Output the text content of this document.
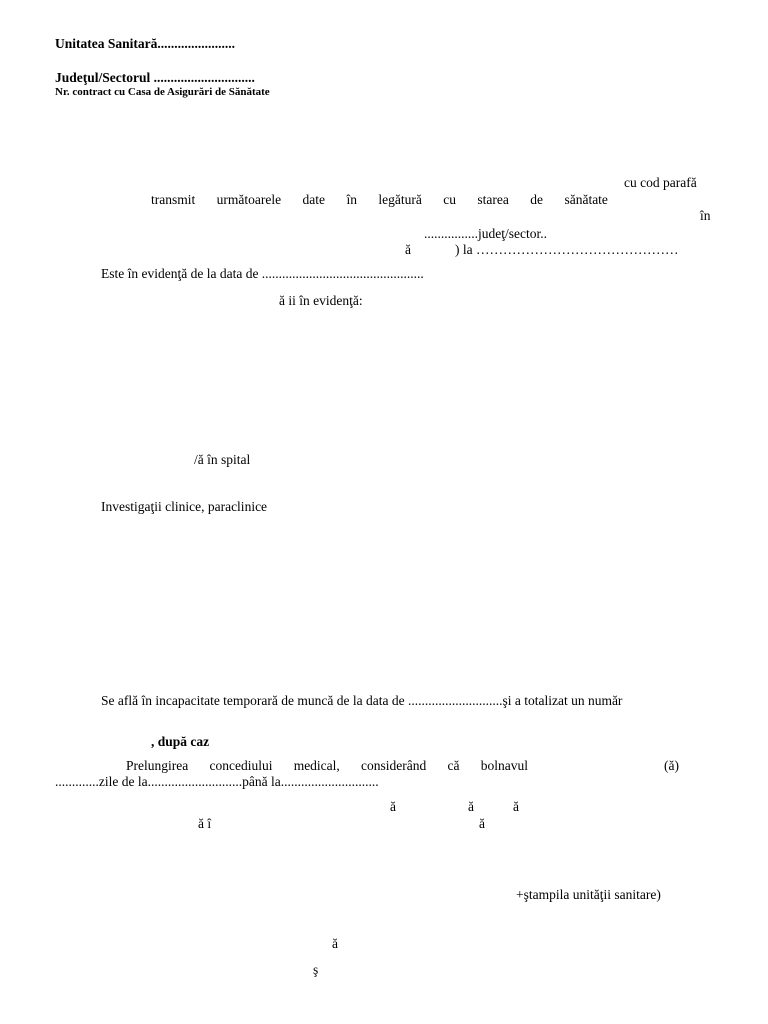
Unitatea Sanitară.......................
Judeţul/Sectorul ..............................
Nr. contract cu Casa de Asigurări de Sănătate
cu cod parafă
transmit următoarele date în legătură cu starea de sănătate
în
................judeţ/sector..
ă	) la ………………………………………
Este în evidenţă de la data de ................................................
ă ii în evidenţă:
/ă în spital
Investigaţii clinice, paraclinice
Se află în incapacitate temporară de muncă de la data de ............................şi a totalizat un număr
, după caz
Prelungirea concediului medical, considerând că bolnavul	(ă)
.............zile de la............................până la.............................
ă	ă	ă
ă î	ă
+ştampila unităţii sanitare)
ă
ş
